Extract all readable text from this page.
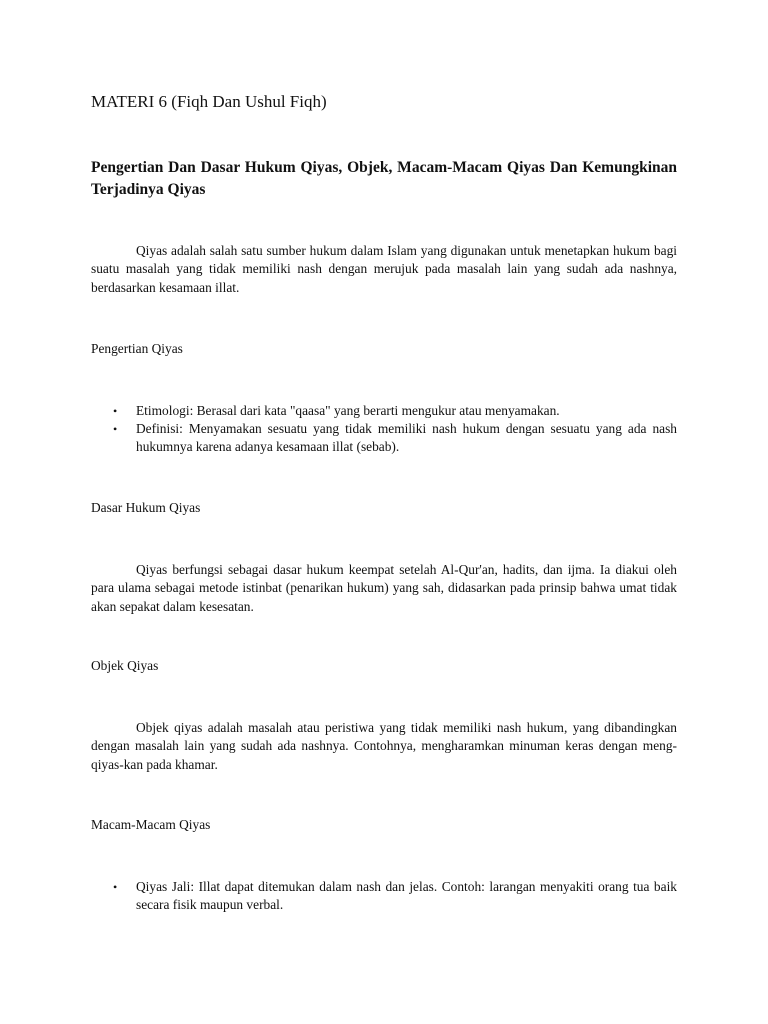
MATERI 6 (Fiqh Dan Ushul Fiqh)
Pengertian Dan Dasar Hukum Qiyas, Objek, Macam-Macam Qiyas Dan Kemungkinan Terjadinya Qiyas

Qiyas adalah salah satu sumber hukum dalam Islam yang digunakan untuk menetapkan hukum bagi suatu masalah yang tidak memiliki nash dengan merujuk pada masalah lain yang sudah ada nashnya, berdasarkan kesamaan illat.

Pengertian Qiyas
• Etimologi: Berasal dari kata "qaasa" yang berarti mengukur atau menyamakan.
• Definisi: Menyamakan sesuatu yang tidak memiliki nash hukum dengan sesuatu yang ada nash hukumnya karena adanya kesamaan illat (sebab).
Dasar Hukum Qiyas

Qiyas berfungsi sebagai dasar hukum keempat setelah Al-Qur'an, hadits, dan ijma. Ia diakui oleh para ulama sebagai metode istinbat (penarikan hukum) yang sah, didasarkan pada prinsip bahwa umat tidak akan sepakat dalam kesesatan.

Objek Qiyas

Objek qiyas adalah masalah atau peristiwa yang tidak memiliki nash hukum, yang dibandingkan dengan masalah lain yang sudah ada nashnya. Contohnya, mengharamkan minuman keras dengan meng-qiyas-kan pada khamar.

Macam-Macam Qiyas
• Qiyas Jali: Illat dapat ditemukan dalam nash dan jelas. Contoh: larangan menyakiti orang tua baik secara fisik maupun verbal.
